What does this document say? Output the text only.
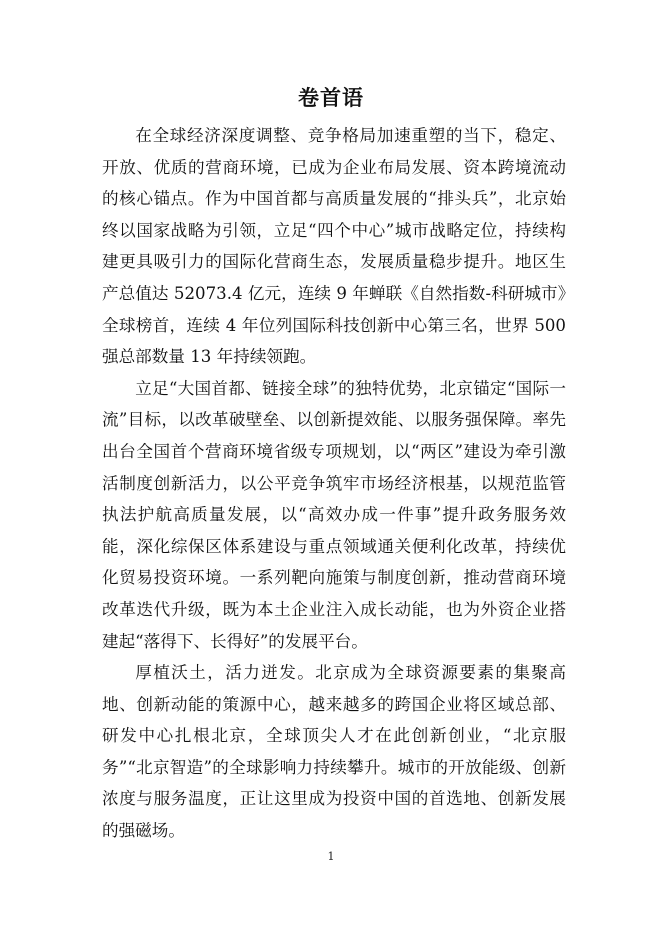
卷首语

在全球经济深度调整、竞争格局加速重塑的当下，稳定、开放、优质的营商环境，已成为企业布局发展、资本跨境流动的核心锚点。作为中国首都与高质量发展的“排头兵”，北京始终以国家战略为引领，立足“四个中心”城市战略定位，持续构建更具吸引力的国际化营商生态，发展质量稳步提升。地区生产总值达 52073.4 亿元，连续 9 年蝉联《自然指数-科研城市》全球榜首，连续 4 年位列国际科技创新中心第三名，世界 500 强总部数量 13 年持续领跑。

立足“大国首都、链接全球”的独特优势，北京锚定“国际一流”目标，以改革破壁垒、以创新提效能、以服务强保障。率先出台全国首个营商环境省级专项规划，以“两区”建设为牵引激活制度创新活力，以公平竞争筑牢市场经济根基，以规范监管执法护航高质量发展，以“高效办成一件事”提升政务服务效能，深化综保区体系建设与重点领域通关便利化改革，持续优化贸易投资环境。一系列靶向施策与制度创新，推动营商环境改革迭代升级，既为本土企业注入成长动能，也为外资企业搭建起“落得下、长得好”的发展平台。

厚植沃土，活力迸发。北京成为全球资源要素的集聚高地、创新动能的策源中心，越来越多的跨国企业将区域总部、研发中心扎根北京，全球顶尖人才在此创新创业，“北京服务”“北京智造”的全球影响力持续攀升。城市的开放能级、创新浓度与服务温度，正让这里成为投资中国的首选地、创新发展的强磁场。

1
